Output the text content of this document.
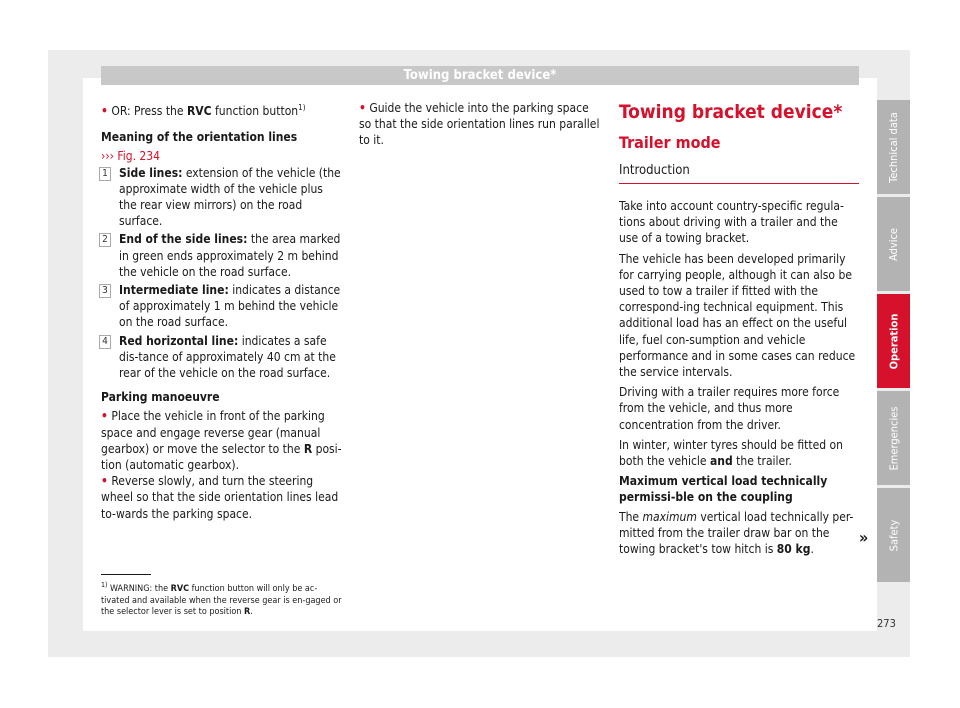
Towing bracket device*

• OR: Press the RVC function button$^{1)}$

Meaning of the orientation lines

››› Fig. 234

1 Side lines: extension of the vehicle (the approximate width of the vehicle plus the rear view mirrors) on the road surface.
2 End of the side lines: the area marked in green ends approximately 2 m behind the vehicle on the road surface.
3 Intermediate line: indicates a distance of approximately 1 m behind the vehicle on the road surface.
4 Red horizontal line: indicates a safe dis-tance of approximately 40 cm at the rear of the vehicle on the road surface.

Parking manoeuvre

• Place the vehicle in front of the parking space and engage reverse gear (manual gearbox) or move the selector to the R posi-tion (automatic gearbox).

• Reverse slowly, and turn the steering wheel so that the side orientation lines lead to-wards the parking space.

• Guide the vehicle into the parking space so that the side orientation lines run parallel to it.

Towing bracket device*
Trailer mode
Introduction

Take into account country-specific regula-tions about driving with a trailer and the use of a towing bracket.

The vehicle has been developed primarily for carrying people, although it can also be used to tow a trailer if fitted with the correspond-ing technical equipment. This additional load has an effect on the useful life, fuel con-sumption and vehicle performance and in some cases can reduce the service intervals.

Driving with a trailer requires more force from the vehicle, and thus more concentration from the driver.

In winter, winter tyres should be fitted on both the vehicle and the trailer.

Maximum vertical load technically permissi-ble on the coupling

The maximum vertical load technically per-mitted from the trailer draw bar on the towing bracket's tow hitch is 80 kg.

»
$^{1)}$ WARNING: the RVC function button will only be ac-tivated and available when the reverse gear is en-gaged or the selector lever is set to position R.
Technical data
Advice
Operation
Emergencies
Safety
273
